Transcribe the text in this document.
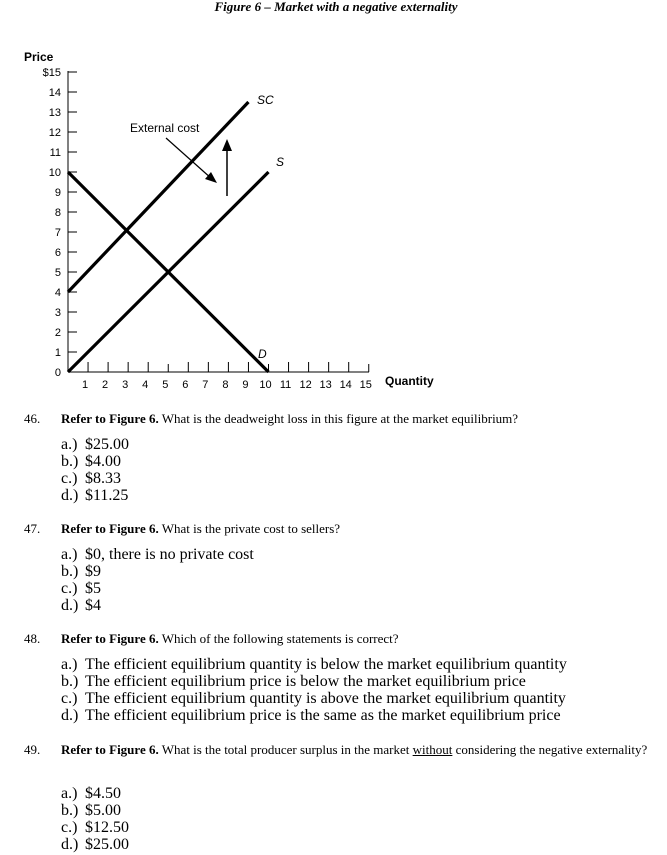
Figure 6 – Market with a negative externality
Price
Quantity
0
1
2
3
4
5
6
7
8
9
10
11
12
13
14
$15
1 2 3 4 5 6 7 8 9 10 11 12 13 14 15
SC
S
D
External cost
46. Refer to Figure 6. What is the deadweight loss in this figure at the market equilibrium?
a.) $25.00
b.) $4.00
c.) $8.33
d.) $11.25
47. Refer to Figure 6. What is the private cost to sellers?
a.) $0, there is no private cost
b.) $9
c.) $5
d.) $4
48. Refer to Figure 6. Which of the following statements is correct?
a.) The efficient equilibrium quantity is below the market equilibrium quantity
b.) The efficient equilibrium price is below the market equilibrium price
c.) The efficient equilibrium quantity is above the market equilibrium quantity
d.) The efficient equilibrium price is the same as the market equilibrium price
49. Refer to Figure 6. What is the total producer surplus in the market without considering the negative externality?
a.) $4.50
b.) $5.00
c.) $12.50
d.) $25.00
